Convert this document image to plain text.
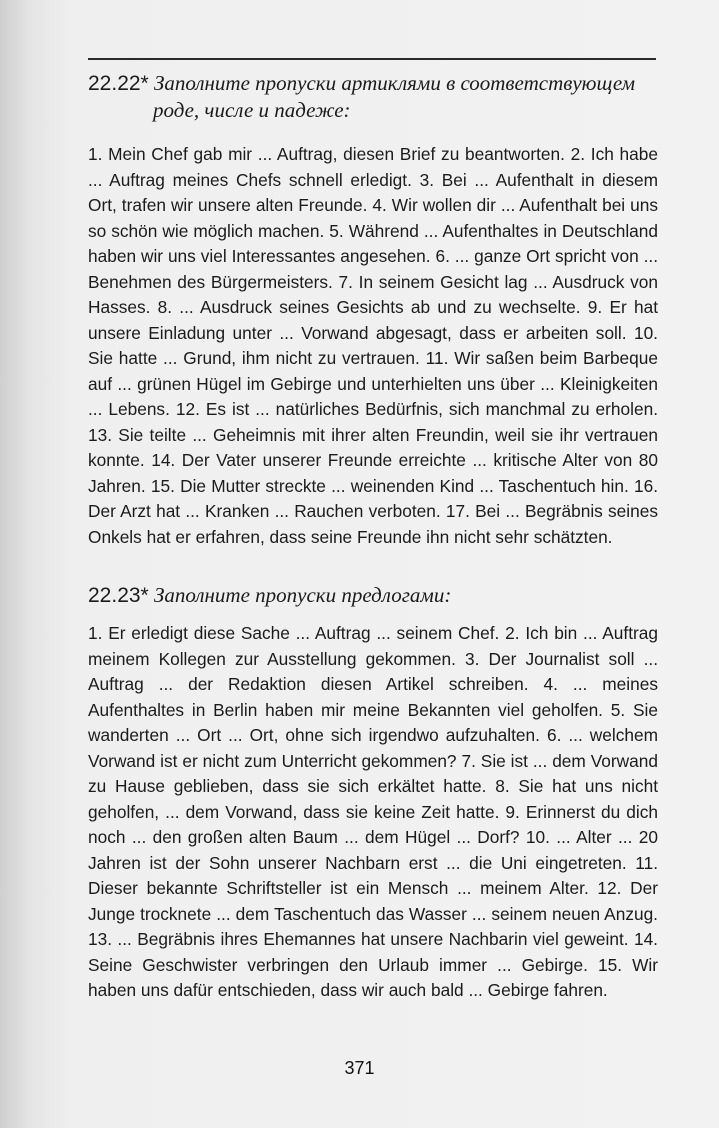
22.22* Заполните пропуски артиклями в соответствующем
роде, числе и падеже:

1. Mein Chef gab mir ... Auftrag, diesen Brief zu beantworten. 2. Ich habe ... Auftrag meines Chefs schnell erledigt. 3. Bei ... Aufenthalt in diesem Ort, trafen wir unsere alten Freunde. 4. Wir wollen dir ... Aufenthalt bei uns so schön wie möglich machen. 5. Während ... Aufenthaltes in Deutschland haben wir uns viel Interessantes angesehen. 6. ... ganze Ort spricht von ... Benehmen des Bürgermeisters. 7. In seinem Gesicht lag ... Ausdruck von Hasses. 8. ... Ausdruck seines Gesichts ab und zu wechselte. 9. Er hat unsere Einladung unter ... Vorwand abgesagt, dass er arbeiten soll. 10. Sie hatte ... Grund, ihm nicht zu vertrauen. 11. Wir saßen beim Barbeque auf ... grünen Hügel im Gebirge und unterhielten uns über ... Kleinigkeiten ... Lebens. 12. Es ist ... natürliches Bedürfnis, sich manchmal zu erholen. 13. Sie teilte ... Geheimnis mit ihrer alten Freundin, weil sie ihr vertrauen konnte. 14. Der Vater unserer Freunde erreichte ... kritische Alter von 80 Jahren. 15. Die Mutter streckte ... weinenden Kind ... Taschentuch hin. 16. Der Arzt hat ... Kranken ... Rauchen verboten. 17. Bei ... Begräbnis seines Onkels hat er erfahren, dass seine Freunde ihn nicht sehr schätzten.

22.23* Заполните пропуски предлогами:

1. Er erledigt diese Sache ... Auftrag ... seinem Chef. 2. Ich bin ... Auftrag meinem Kollegen zur Ausstellung gekommen. 3. Der Journalist soll ... Auftrag ... der Redaktion diesen Artikel schreiben. 4. ... meines Aufenthaltes in Berlin haben mir meine Bekannten viel geholfen. 5. Sie wanderten ... Ort ... Ort, ohne sich irgendwo aufzuhalten. 6. ... welchem Vorwand ist er nicht zum Unterricht gekommen? 7. Sie ist ... dem Vorwand zu Hause geblieben, dass sie sich erkältet hatte. 8. Sie hat uns nicht geholfen, ... dem Vorwand, dass sie keine Zeit hatte. 9. Erinnerst du dich noch ... den großen alten Baum ... dem Hügel ... Dorf? 10. ... Alter ... 20 Jahren ist der Sohn unserer Nachbarn erst ... die Uni eingetreten. 11. Dieser bekannte Schriftsteller ist ein Mensch ... meinem Alter. 12. Der Junge trocknete ... dem Taschentuch das Wasser ... seinem neuen Anzug. 13. ... Begräbnis ihres Ehemannes hat unsere Nachbarin viel geweint. 14. Seine Geschwister verbringen den Urlaub immer ... Gebirge. 15. Wir haben uns dafür entschieden, dass wir auch bald ... Gebirge fahren.

371
